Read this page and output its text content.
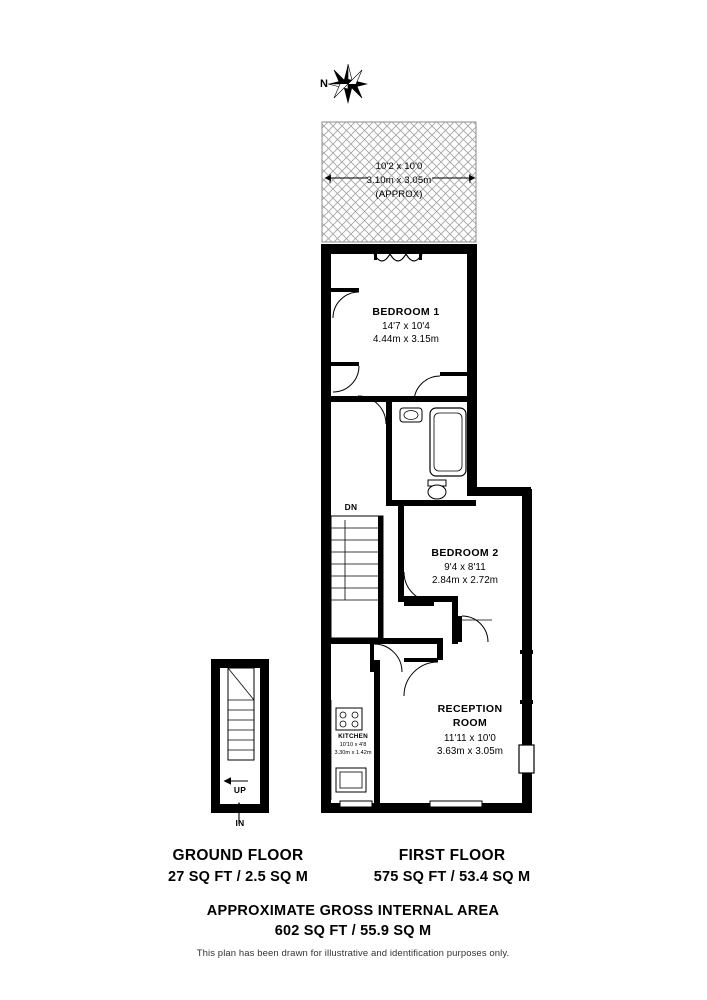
N
10'2 x 10'0
3.10m x 3.05m
(APPROX)
BEDROOM 1
14'7 x 10'4
4.44m x 3.15m
DN
BEDROOM 2
9'4 x 8'11
2.84m x 2.72m
RECEPTION
ROOM
11'11 x 10'0
3.63m x 3.05m
KITCHEN
10'10 x 4'8
3.30m x 1.42m
UP
IN
GROUND FLOOR
27 SQ FT / 2.5 SQ M
FIRST FLOOR
575 SQ FT / 53.4 SQ M
APPROXIMATE GROSS INTERNAL AREA
602 SQ FT / 55.9 SQ M
This plan has been drawn for illustrative and identification purposes only.
